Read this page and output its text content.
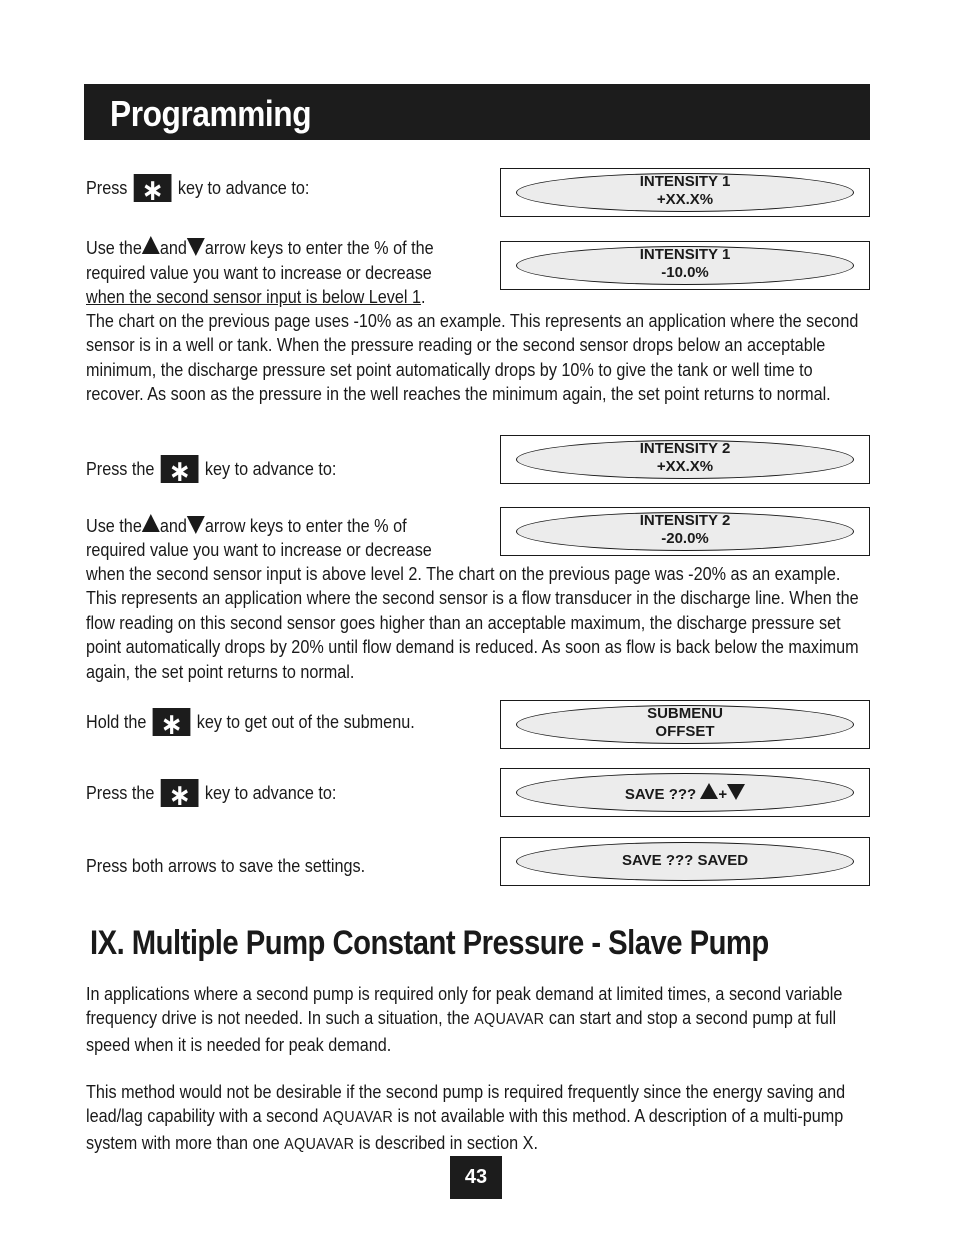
Programming
Press ∗ key to advance to:
Use the and arrow keys to enter the % of the
required value you want to increase or decrease
when the second sensor input is below Level 1.
The chart on the previous page uses -10% as an example. This represents an application where the second sensor is in a well or tank. When the pressure reading or the second sensor drops below an acceptable minimum, the discharge pressure set point automatically drops by 10% to give the tank or well time to recover. As soon as the pressure in the well reaches the minimum again, the set point returns to normal.
Press the ∗ key to advance to:
Use the and arrow keys to enter the % of
required value you want to increase or decrease
when the second sensor input is above level 2. The chart on the previous page was -20% as an example. This represents an application where the second sensor is a flow transducer in the discharge line. When the flow reading on this second sensor goes higher than an acceptable maximum, the discharge pressure set point automatically drops by 20% until flow demand is reduced. As soon as flow is back below the maximum again, the set point returns to normal.
Hold the ∗ key to get out of the submenu.
Press the ∗ key to advance to:
Press both arrows to save the settings.
INTENSITY 1
+XX.X%
INTENSITY 1
-10.0%
INTENSITY 2
+XX.X%
INTENSITY 2
-20.0%
SUBMENU
OFFSET
SAVE ??? +
SAVE ??? SAVED
IX. Multiple Pump Constant Pressure - Slave Pump
In applications where a second pump is required only for peak demand at limited times, a second variable frequency drive is not needed. In such a situation, the AQUAVAR can start and stop a second pump at full speed when it is needed for peak demand.
This method would not be desirable if the second pump is required frequently since the energy saving and lead/lag capability with a second AQUAVAR is not available with this method. A description of a multi-pump system with more than one AQUAVAR is described in section X.
43
